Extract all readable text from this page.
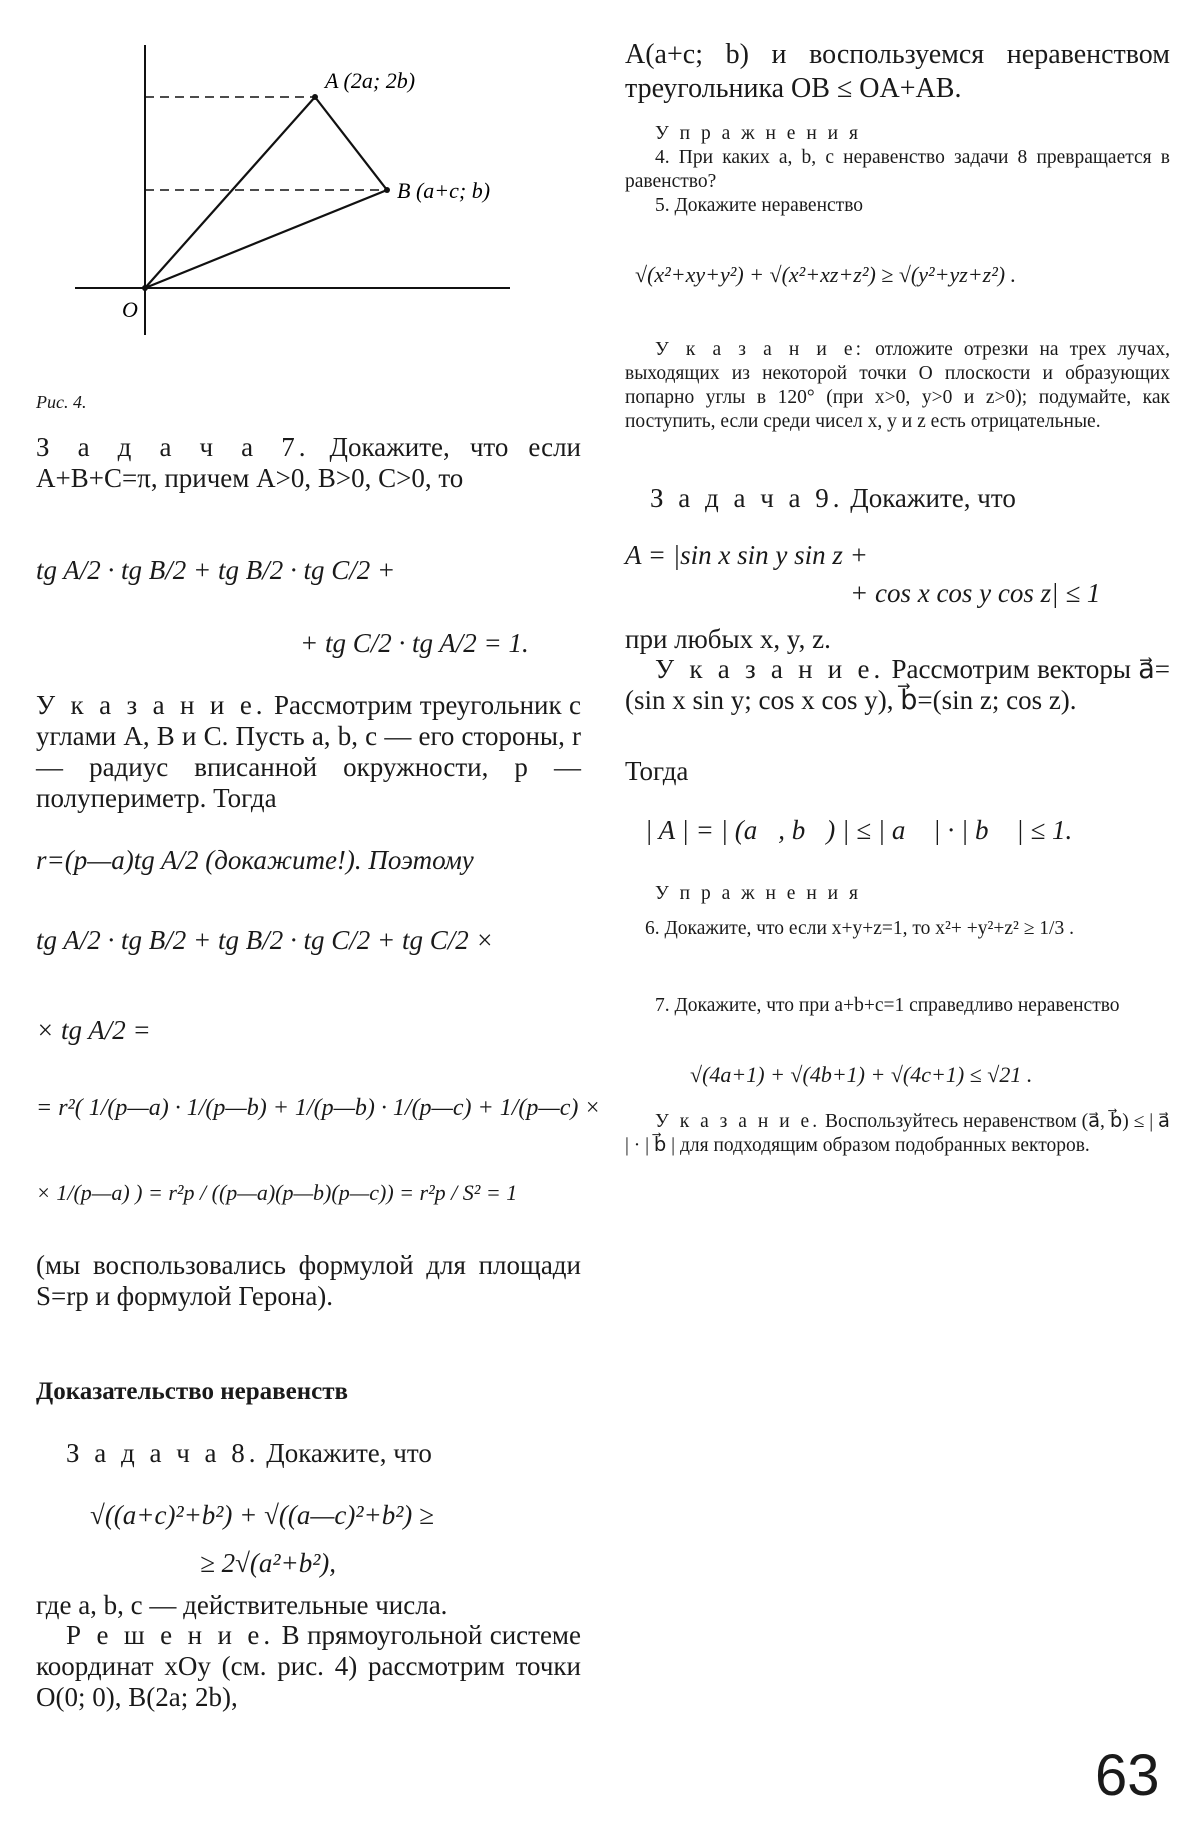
A (2a; 2b)
B (a+c; b)
O
Рис. 4.
З а д а ч а 7. Докажите, что если A+B+C=π, причем A>0, B>0, C>0, то
tg A/2 · tg B/2 + tg B/2 · tg C/2 +
+ tg C/2 · tg A/2 = 1.
У к а з а н и е. Рассмотрим треугольник с углами A, B и C. Пусть a, b, c — его стороны, r — радиус вписанной окружности, p — полупериметр. Тогда
r=(p—a)tg A/2 (докажите!). Поэтому
tg A/2 · tg B/2 + tg B/2 · tg C/2 + tg C/2 ×
× tg A/2 =
= r²( 1/(p—a) · 1/(p—b) + 1/(p—b) · 1/(p—c) + 1/(p—c) ×
× 1/(p—a) ) = r²p / ((p—a)(p—b)(p—c)) = r²p / S² = 1
(мы воспользовались формулой для площади S=rp и формулой Герона).
Доказательство неравенств
З а д а ч а 8. Докажите, что
√((a+c)²+b²) + √((a—c)²+b²) ≥
≥ 2√(a²+b²),
где a, b, c — действительные числа.
Р е ш е н и е. В прямоугольной системе координат xOy (см. рис. 4) рассмотрим точки O(0; 0), B(2a; 2b),
A(a+c; b) и воспользуемся неравенством треугольника OB ≤ OA+AB.
У п р а ж н е н и я
4. При каких a, b, c неравенство задачи 8 превращается в равенство?
5. Докажите неравенство
√(x²+xy+y²) + √(x²+xz+z²) ≥ √(y²+yz+z²) .
У к а з а н и е: отложите отрезки на трех лучах, выходящих из некоторой точки O плоскости и образующих попарно углы в 120° (при x>0, y>0 и z>0); подумайте, как поступить, если среди чисел x, y и z есть отрицательные.
З а д а ч а 9. Докажите, что
A = |sin x sin y sin z +
+ cos x cos y cos z| ≤ 1
при любых x, y, z.
У к а з а н и е. Рассмотрим векторы a⃗=(sin x sin y; cos x cos y), b⃗=(sin z; cos z).
Тогда
| A | = | (a⃗, b⃗) | ≤ | a⃗ | · | b⃗ | ≤ 1.
У п р а ж н е н и я
6. Докажите, что если x+y+z=1, то x²+ +y²+z² ≥ 1/3 .
7. Докажите, что при a+b+c=1 справедливо неравенство
√(4a+1) + √(4b+1) + √(4c+1) ≤ √21 .
У к а з а н и е. Воспользуйтесь неравенством (a⃗, b⃗) ≤ | a⃗ | · | b⃗ | для подходящим образом подобранных векторов.
63
